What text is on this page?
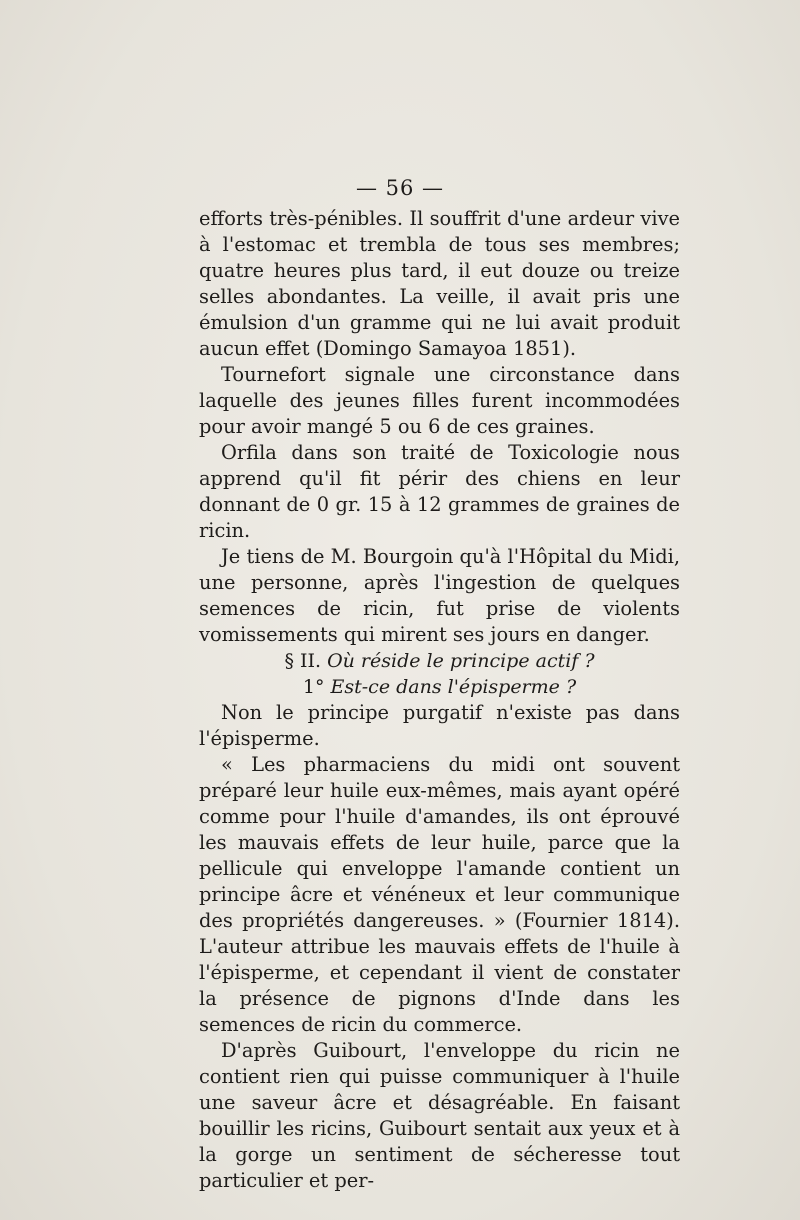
— 56 —

efforts très-pénibles. Il souffrit d'une ardeur vive à l'estomac et trembla de tous ses membres; quatre heures plus tard, il eut douze ou treize selles abondantes. La veille, il avait pris une émulsion d'un gramme qui ne lui avait produit aucun effet (Domingo Samayoa 1851).

Tournefort signale une circonstance dans laquelle des jeunes filles furent incommodées pour avoir mangé 5 ou 6 de ces graines.

Orfila dans son traité de Toxicologie nous apprend qu'il fit périr des chiens en leur donnant de 0 gr. 15 à 12 grammes de graines de ricin.

Je tiens de M. Bourgoin qu'à l'Hôpital du Midi, une personne, après l'ingestion de quelques semences de ricin, fut prise de violents vomissements qui mirent ses jours en danger.

§ II. Où réside le principe actif ?

1° Est-ce dans l'épisperme ?

Non le principe purgatif n'existe pas dans l'épisperme.

« Les pharmaciens du midi ont souvent préparé leur huile eux-mêmes, mais ayant opéré comme pour l'huile d'amandes, ils ont éprouvé les mauvais effets de leur huile, parce que la pellicule qui enveloppe l'amande contient un principe âcre et vénéneux et leur communique des propriétés dangereuses. » (Fournier 1814). L'auteur attribue les mauvais effets de l'huile à l'épisperme, et cependant il vient de constater la présence de pignons d'Inde dans les semences de ricin du commerce.

D'après Guibourt, l'enveloppe du ricin ne contient rien qui puisse communiquer à l'huile une saveur âcre et désagréable. En faisant bouillir les ricins, Guibourt sentait aux yeux et à la gorge un sentiment de sécheresse tout particulier et per-
